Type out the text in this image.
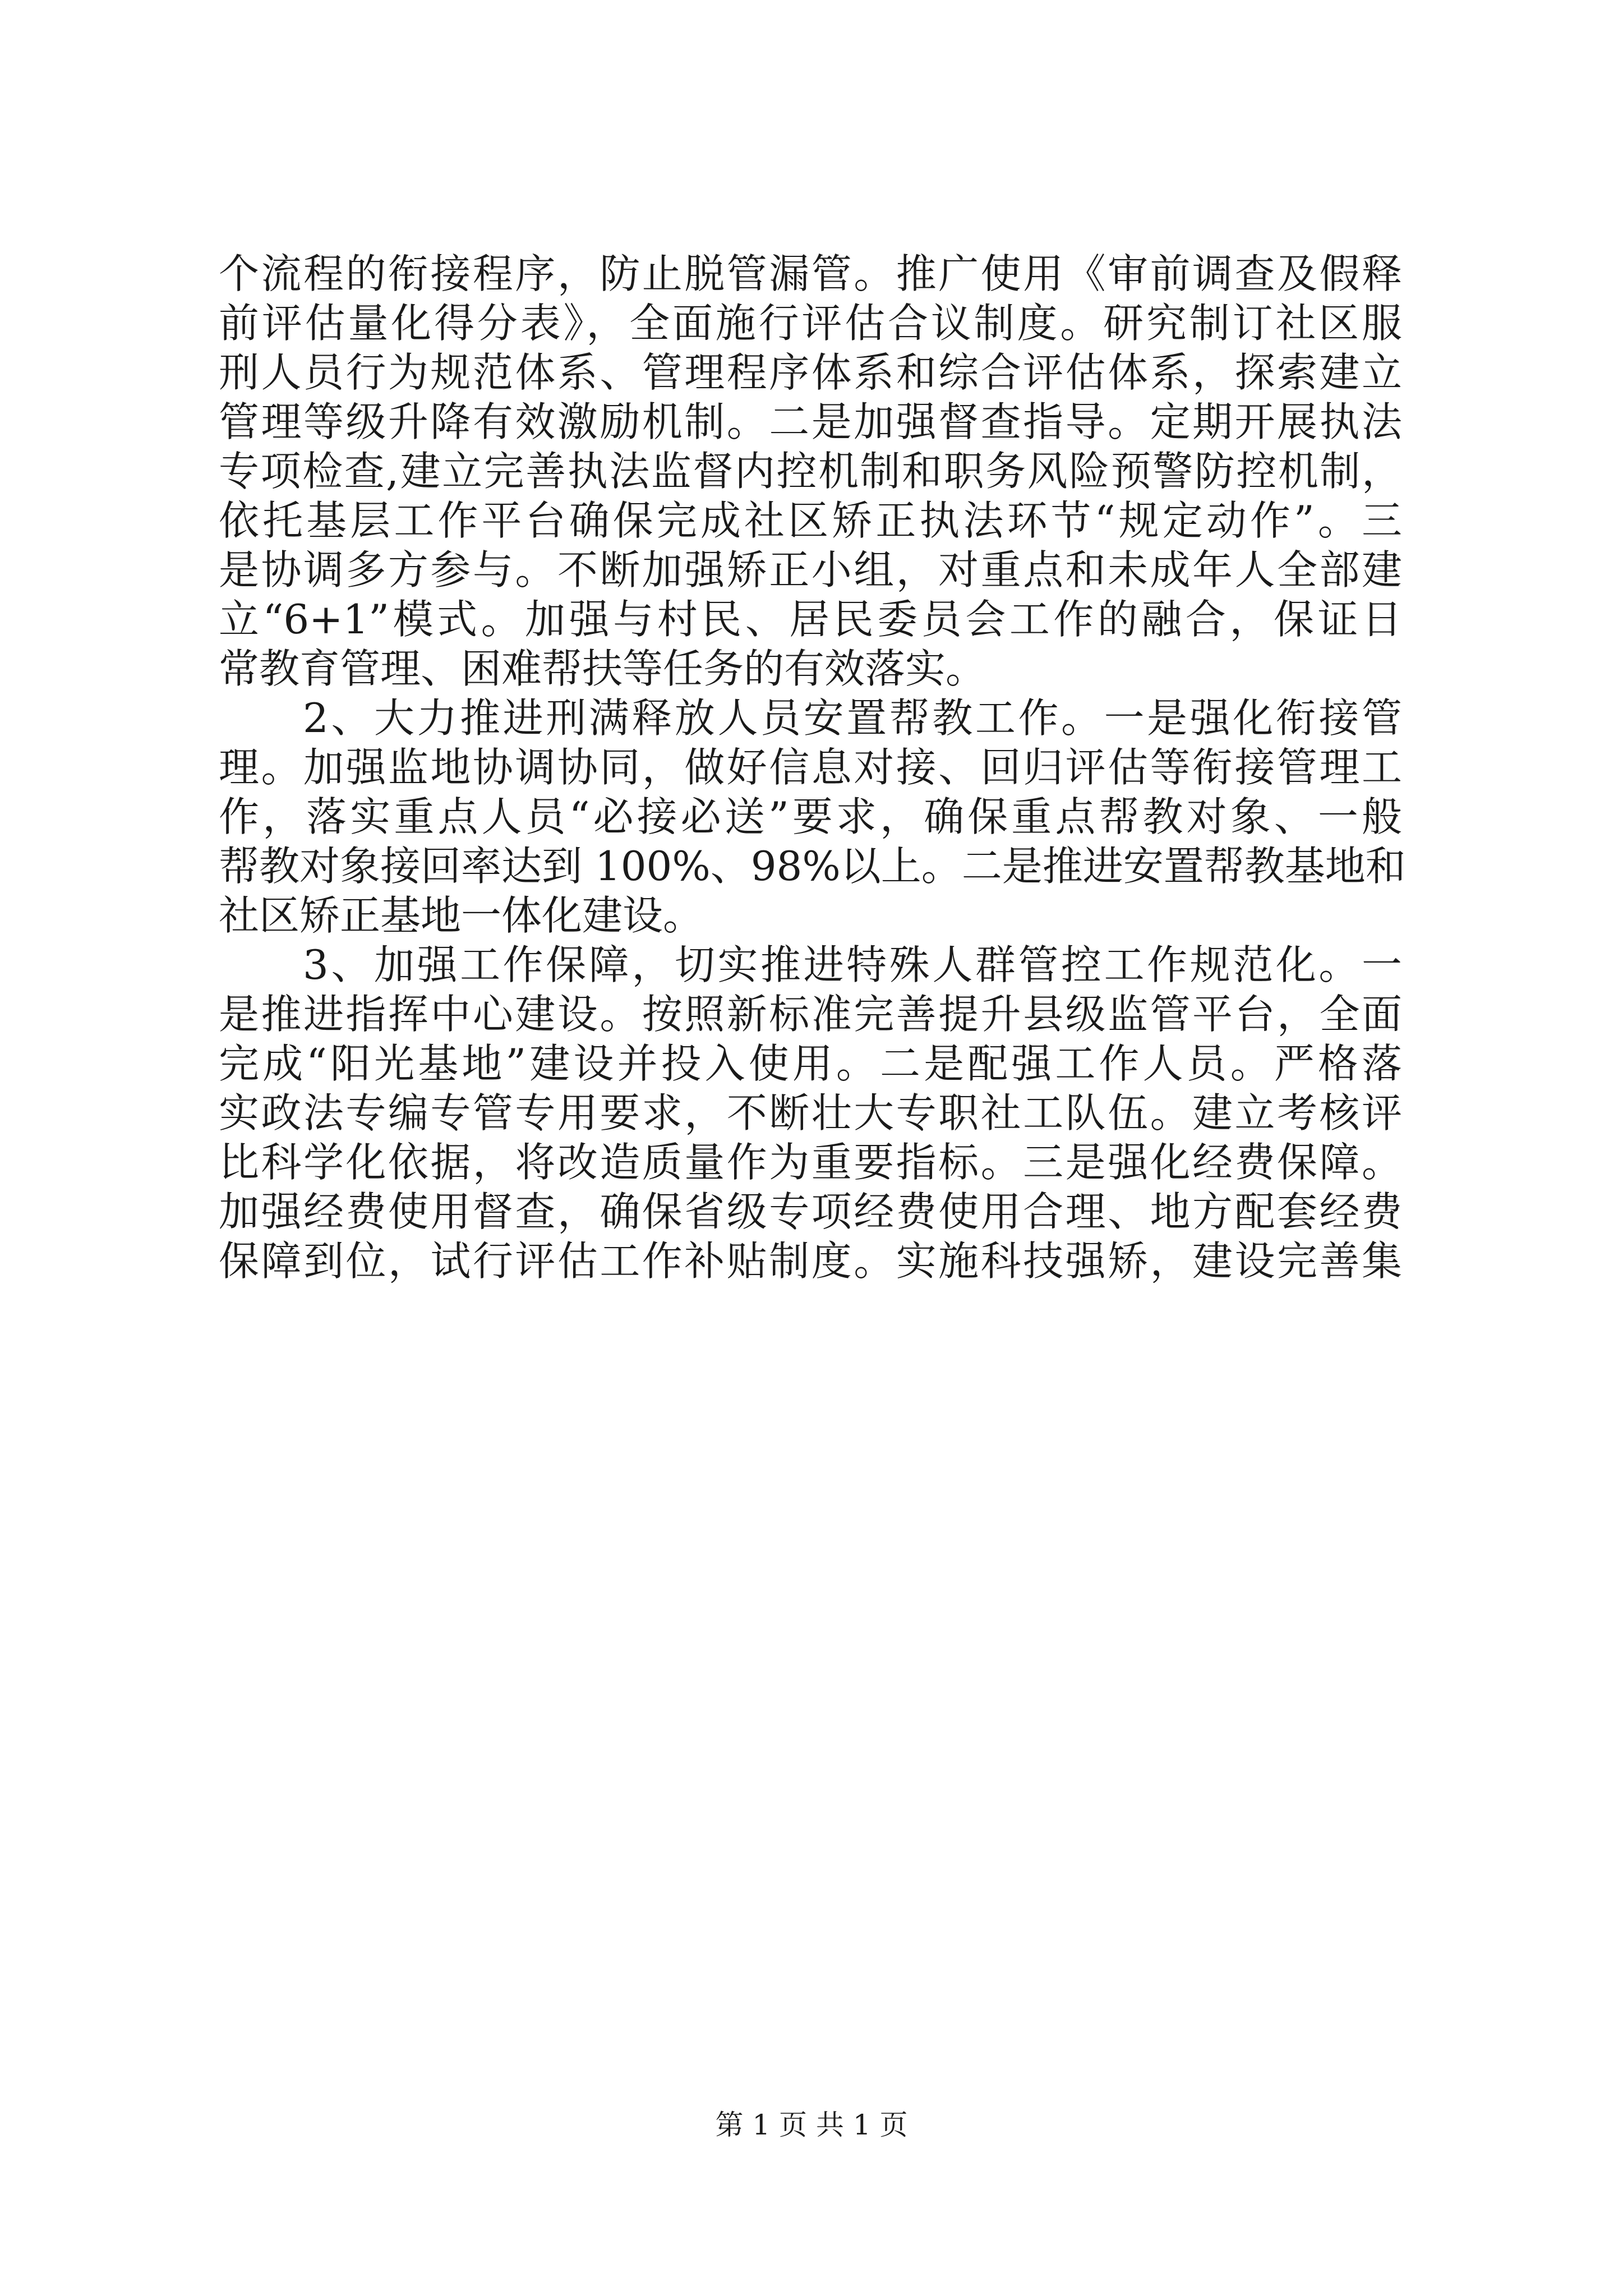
个流程的衔接程序，防止脱管漏管。推广使用《审前调查及假释
前评估量化得分表》，全面施行评估合议制度。研究制订社区服
刑人员行为规范体系、管理程序体系和综合评估体系，探索建立
管理等级升降有效激励机制。二是加强督查指导。定期开展执法
专项检查,建立完善执法监督内控机制和职务风险预警防控机制，
依托基层工作平台确保完成社区矫正执法环节“规定动作”。三
是协调多方参与。不断加强矫正小组，对重点和未成年人全部建
立“6+1”模式。加强与村民、居民委员会工作的融合，保证日
常教育管理、困难帮扶等任务的有效落实。
2、大力推进刑满释放人员安置帮教工作。一是强化衔接管
理。加强监地协调协同，做好信息对接、回归评估等衔接管理工
作，落实重点人员“必接必送”要求，确保重点帮教对象、一般
帮教对象接回率达到 100%、98%以上。二是推进安置帮教基地和
社区矫正基地一体化建设。
3、加强工作保障，切实推进特殊人群管控工作规范化。一
是推进指挥中心建设。按照新标准完善提升县级监管平台，全面
完成“阳光基地”建设并投入使用。二是配强工作人员。严格落
实政法专编专管专用要求，不断壮大专职社工队伍。建立考核评
比科学化依据，将改造质量作为重要指标。三是强化经费保障。
加强经费使用督查，确保省级专项经费使用合理、地方配套经费
保障到位，试行评估工作补贴制度。实施科技强矫，建设完善集
第 1 页 共 1 页
